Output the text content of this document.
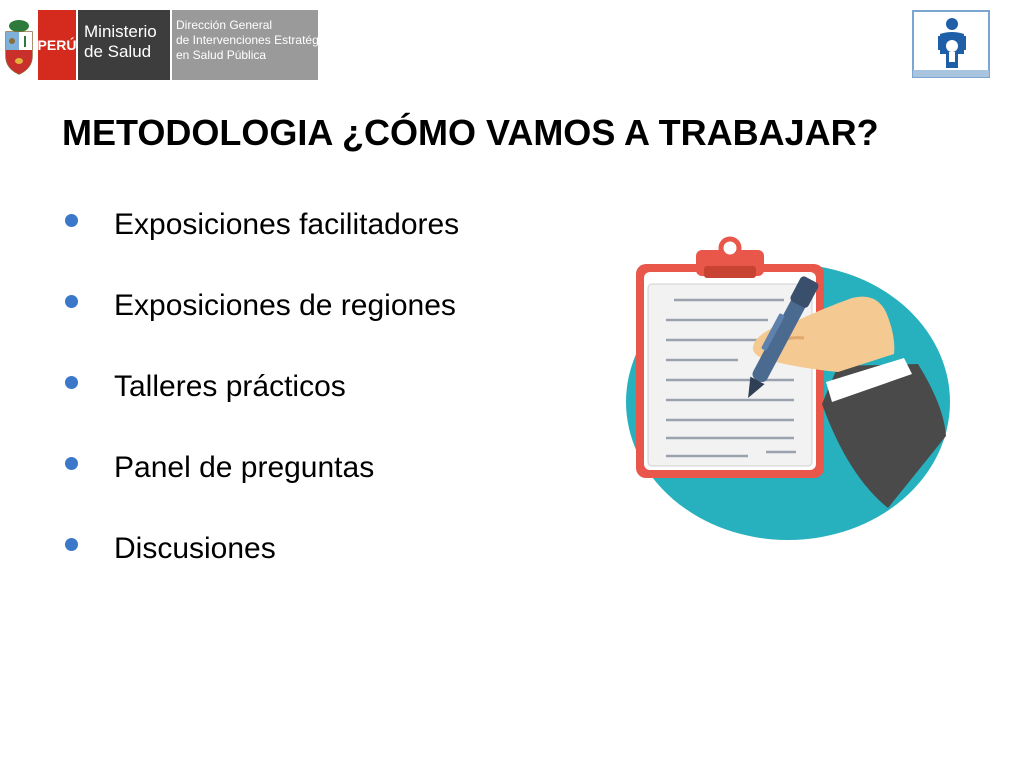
PERÚ
Ministerio
de Salud
Dirección General
de Intervenciones Estratégicas
en Salud Pública
METODOLOGIA ¿CÓMO VAMOS A TRABAJAR?
Exposiciones facilitadores
Exposiciones de regiones
Talleres prácticos
Panel de preguntas
Discusiones
